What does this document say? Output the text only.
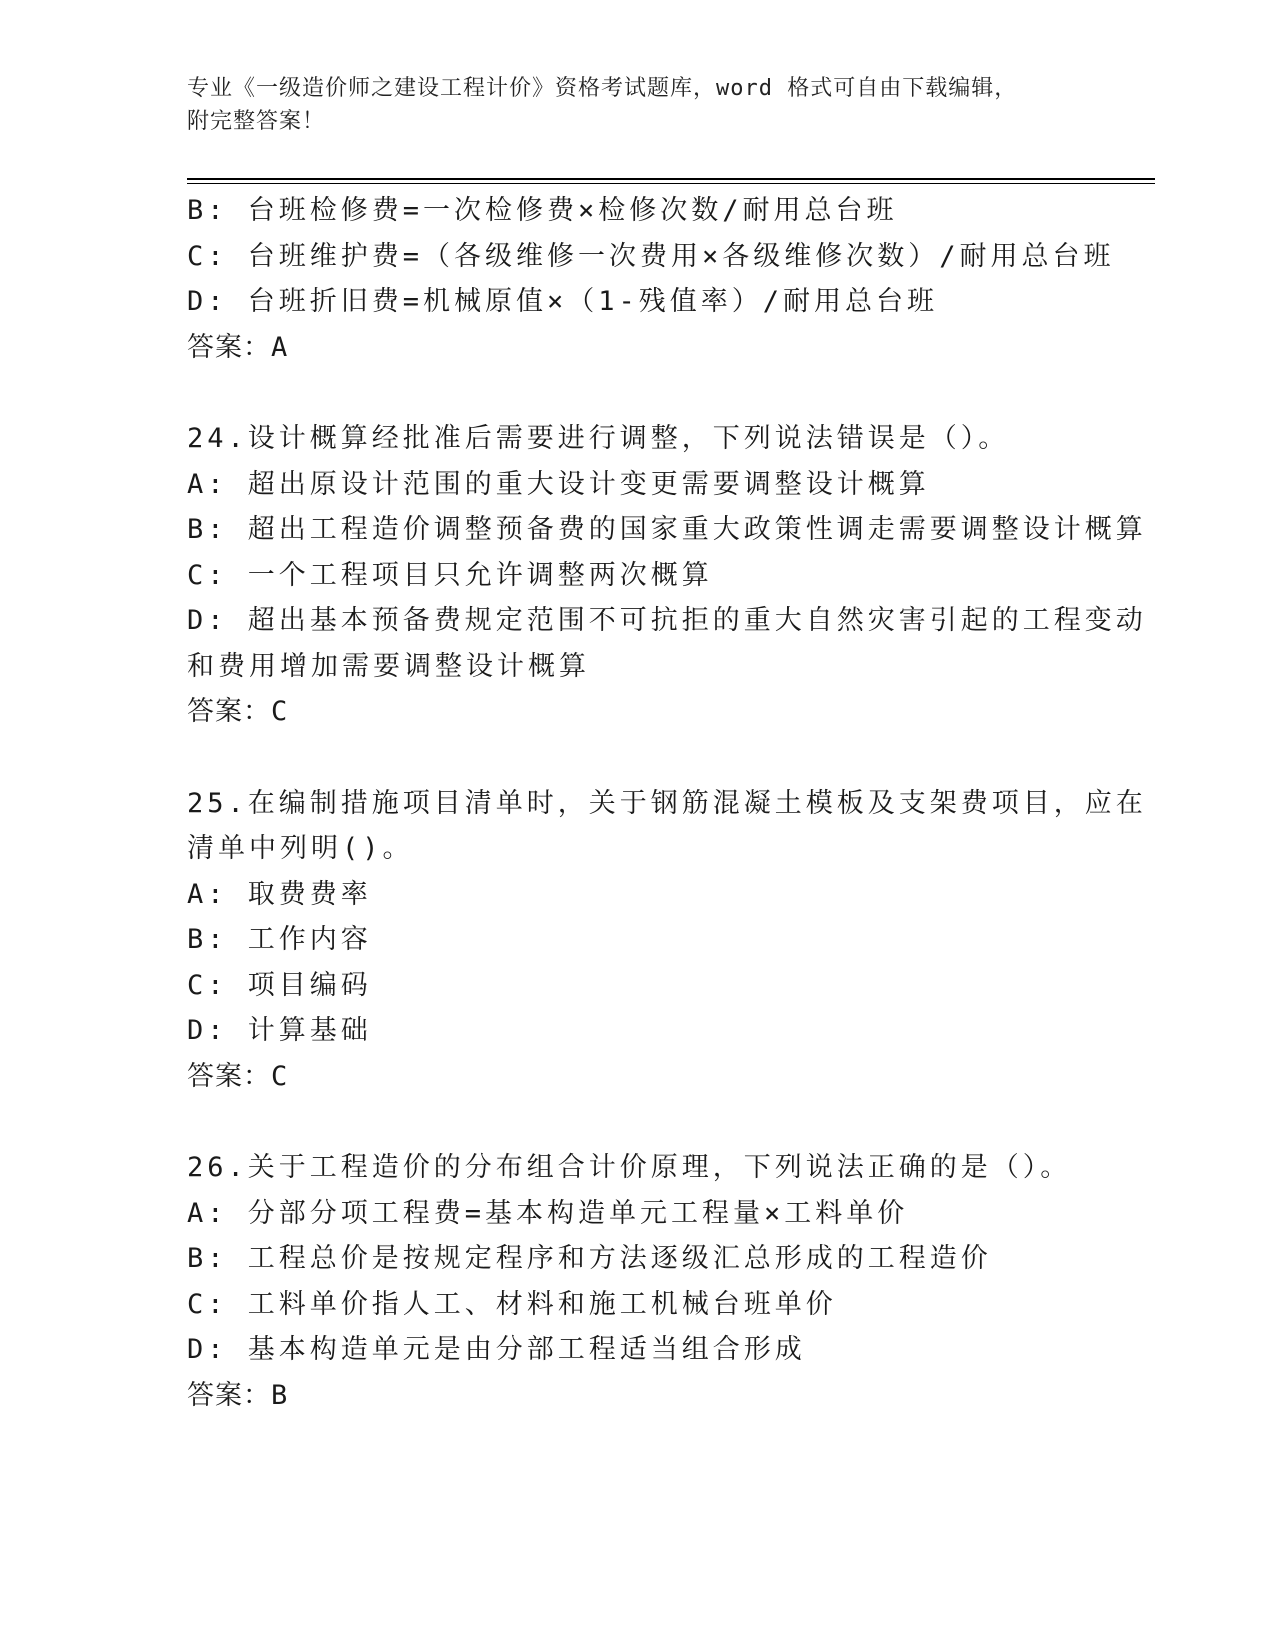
专业《一级造价师之建设工程计价》资格考试题库，word 格式可自由下载编辑，
附完整答案！
B: 台班检修费=一次检修费×检修次数/耐用总台班
C: 台班维护费=（各级维修一次费用×各级维修次数）/耐用总台班
D: 台班折旧费=机械原值×（1-残值率）/耐用总台班
答案：A
24.设计概算经批准后需要进行调整，下列说法错误是（）。
A: 超出原设计范围的重大设计变更需要调整设计概算
B: 超出工程造价调整预备费的国家重大政策性调走需要调整设计概算
C: 一个工程项目只允许调整两次概算
D: 超出基本预备费规定范围不可抗拒的重大自然灾害引起的工程变动
和费用增加需要调整设计概算
答案：C
25.在编制措施项目清单时，关于钢筋混凝土模板及支架费项目，应在
清单中列明()。
A: 取费费率
B: 工作内容
C: 项目编码
D: 计算基础
答案：C
26.关于工程造价的分布组合计价原理，下列说法正确的是（）。
A: 分部分项工程费=基本构造单元工程量×工料单价
B: 工程总价是按规定程序和方法逐级汇总形成的工程造价
C: 工料单价指人工、材料和施工机械台班单价
D: 基本构造单元是由分部工程适当组合形成
答案：B
